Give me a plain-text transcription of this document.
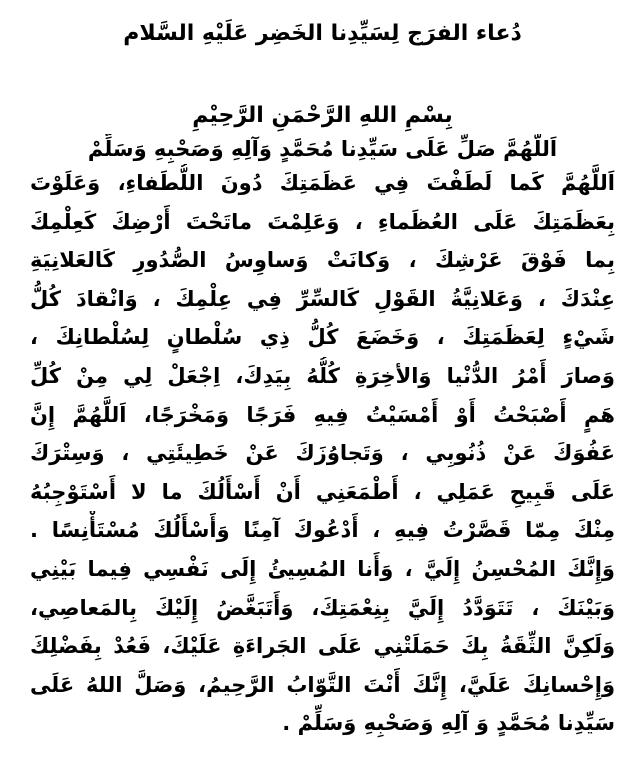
دُعاء الفرَج لِسَيِّدِنا الخَضِر عَلَيْهِ السَّلام
بِسْمِ اللهِ الرَّحْمَنِ الرَّحِيْمِ
اَللَّهُمَّ صَلِّ عَلَى سَيِّدِنا مُحَمَّدٍ وَآلِهِ وَصَحْبِهِ وَسَلِّمْ
اَللَّهُمَّ كَما لَطَفْتَ فِي عَظَمَتِكَ دُونَ اللُّطَفاءِ، وَعَلَوْتَ
بِعَظَمَتِكَ عَلَى العُظَماءِ ، وَعَلِمْتَ ماتَحْتَ أَرْضِكَ كَعِلْمِكَ
بِما فَوْقَ عَرْشِكَ ، وَكانَتْ وَساوِسُ الصُّدُورِ كَالعَلانِيَةِ
عِنْدَكَ ، وَعَلانِيَّةُ القَوْلِ كَالسِّرِّ فِي عِلْمِكَ ، وَانْقادَ كُلُّ
شَيْءٍ لِعَظَمَتِكَ ، وَخَضَعَ كُلُّ ذِي سُلْطانٍ لِسُلْطانِكَ ،
وَصارَ أَمْرُ الدُّنْيا وَالأخِرَةِ كُلُّهُ بِيَدِكَ، اِجْعَلْ لِي مِنْ كُلِّ
هَمٍ أَصْبَحْتُ أَوْ أَمْسَيْتُ فِيهِ فَرَجًا وَمَخْرَجًا، اَللَّهُمَّ إِنَّ
عَفُوَكَ عَنْ ذُنُوبِي ، وَتَجاوُزَكَ عَنْ خَطِيئَتِي ، وَسِتْرَكَ
عَلَى قَبِيحِ عَمَلِي ، أَطْمَعَنِي أَنْ أَسْأَلُكَ ما لا أَسْتَوْجِبُهُ
مِنْكَ مِمّا قَصَّرْتُ فِيهِ ، أَدْعُوكَ آمِنًا وَأَسْأَلُكَ مُسْتَأْنِسًا .
وَإِنَّكَ المُحْسِنُ إِلَيَّ ، وَأَنا المُسِيئُ إِلَى نَفْسِي فِيما بَيْنِي
وَبَيْنَكَ ، تَتَوَدَّدُ إِلَيَّ بِنِعْمَتِكَ، وَأَتَبَغَّضُ إِلَيْكَ بِالمَعاصِي،
وَلَكِنَّ الثِّقَةُ بِكَ حَمَلَتْنِي عَلَى الجَراءَةِ عَلَيْكَ، فَعُدْ بِفَضْلِكَ
وَإِحْسانِكَ عَلَيَّ، إِنَّكَ أَنْتَ التَّوّابُ الرَّحِيمُ، وَصَلَّ اللهُ عَلَى
سَيِّدِنا مُحَمَّدٍ وَ آلِهِ وَصَحْبِهِ وَسَلِّمْ .
